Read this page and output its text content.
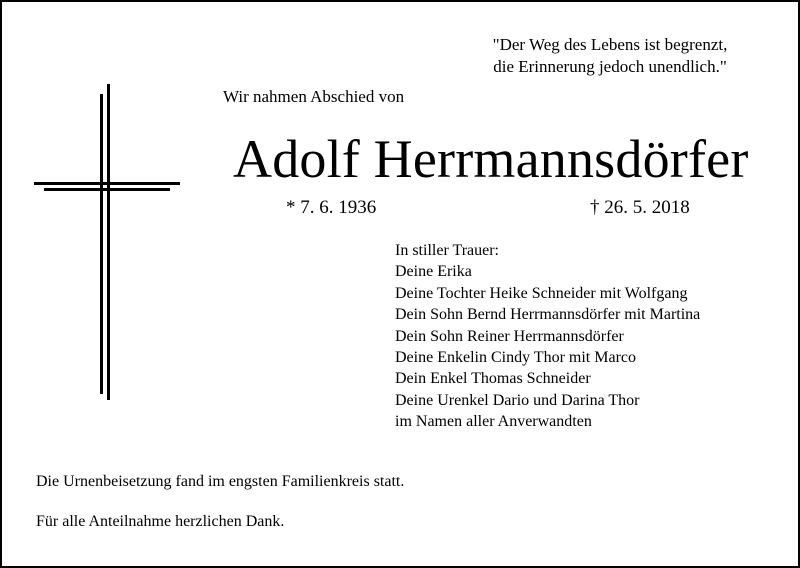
"Der Weg des Lebens ist begrenzt,
die Erinnerung jedoch unendlich."
Wir nahmen Abschied von
Adolf Herrmannsdörfer
* 7. 6. 1936	† 26. 5. 2018
In stiller Trauer:
Deine Erika
Deine Tochter Heike Schneider mit Wolfgang
Dein Sohn Bernd Herrmannsdörfer mit Martina
Dein Sohn Reiner Herrmannsdörfer
Deine Enkelin Cindy Thor mit Marco
Dein Enkel Thomas Schneider
Deine Urenkel Dario und Darina Thor
im Namen aller Anverwandten
Die Urnenbeisetzung fand im engsten Familienkreis statt.
Für alle Anteilnahme herzlichen Dank.
